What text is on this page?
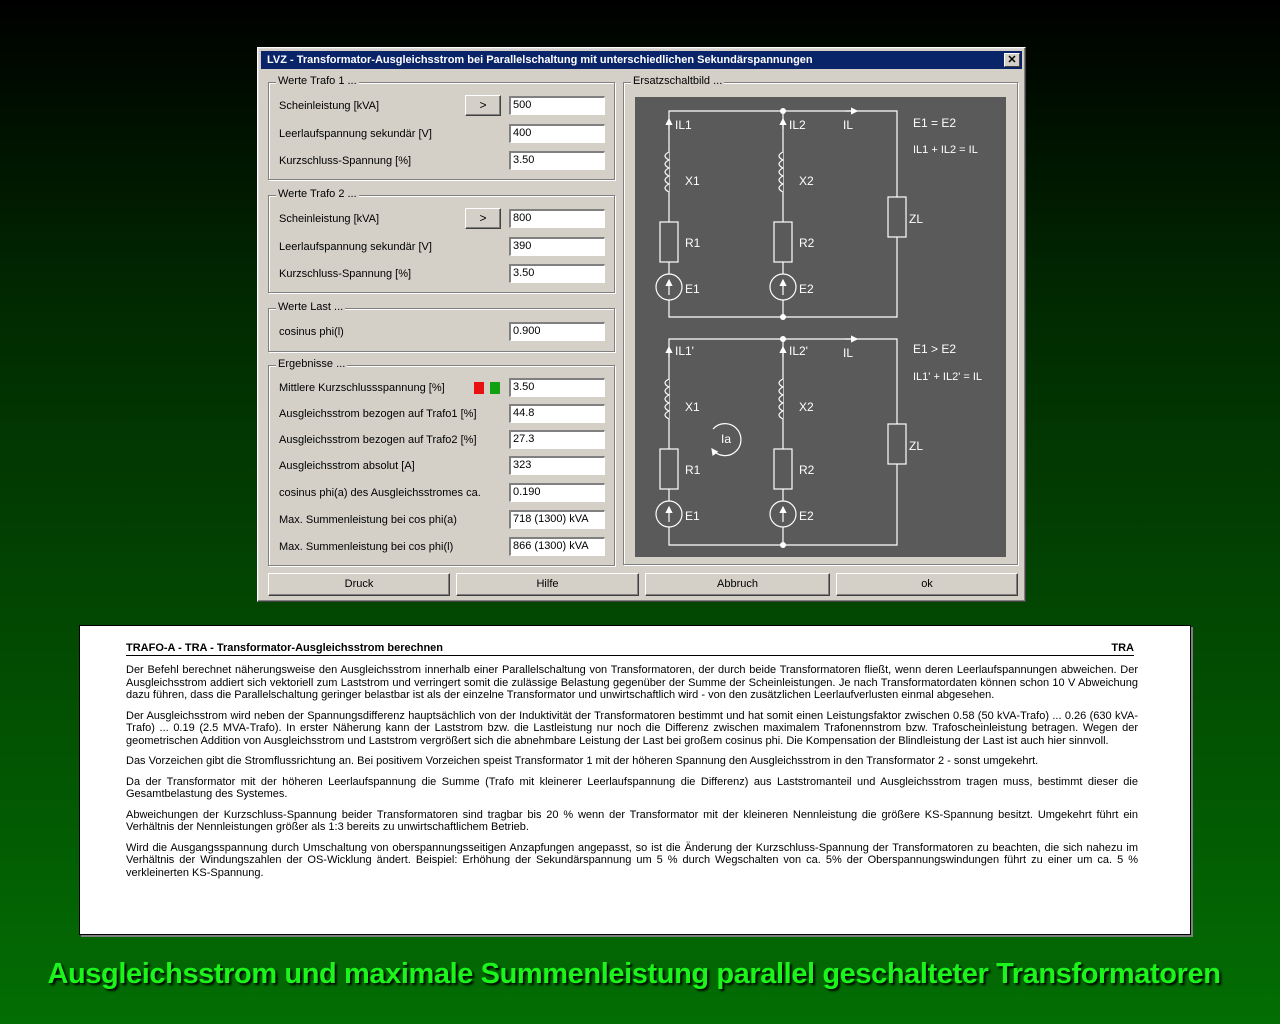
LVZ - Transformator-Ausgleichsstrom bei Parallelschaltung mit unterschiedlichen Sekundärspannungen	✕
Werte Trafo 1 ...
Scheinleistung [kVA]	>	500
Leerlaufspannung sekundär [V]	400
Kurzschluss-Spannung [%]	3.50
Werte Trafo 2 ...
Scheinleistung [kVA]	>	800
Leerlaufspannung sekundär [V]	390
Kurzschluss-Spannung [%]	3.50
Werte Last ...
cosinus phi(l)	0.900
Ergebnisse ...
Mittlere Kurzschlussspannung [%]	3.50
Ausgleichsstrom bezogen auf Trafo1 [%]	44.8
Ausgleichsstrom bezogen auf Trafo2 [%]	27.3
Ausgleichsstrom absolut [A]	323
cosinus phi(a) des Ausgleichsstromes ca.	0.190
Max. Summenleistung bei cos phi(a)	718 (1300) kVA
Max. Summenleistung bei cos phi(l)	866 (1300) kVA
Ersatzschaltbild ...
IL1	IL2	IL	E1 = E2
IL1 + IL2 = IL
X1	X2
R1	R2
E1	E2
ZL
IL1'	IL2'	IL	E1 > E2
IL1' + IL2' = IL
X1	X2
Ia
R1	R2
E1	E2
ZL
Druck	Hilfe	Abbruch	ok
TRAFO-A - TRA - Transformator-Ausgleichsstrom berechnen	TRA

Der Befehl berechnet näherungsweise den Ausgleichsstrom innerhalb einer Parallelschaltung von Transformatoren, der durch beide Transformatoren fließt, wenn deren Leerlaufspannungen abweichen. Der Ausgleichsstrom addiert sich vektoriell zum Laststrom und verringert somit die zulässige Belastung gegenüber der Summe der Scheinleistungen. Je nach Transformatordaten können schon 10 V Abweichung dazu führen, dass die Parallelschaltung geringer belastbar ist als der einzelne Transformator und unwirtschaftlich wird - von den zusätzlichen Leerlaufverlusten einmal abgesehen.

Der Ausgleichsstrom wird neben der Spannungsdifferenz hauptsächlich von der Induktivität der Transformatoren bestimmt und hat somit einen Leistungsfaktor zwischen 0.58 (50 kVA-Trafo) ... 0.26 (630 kVA-Trafo) ... 0.19 (2.5 MVA-Trafo). In erster Näherung kann der Laststrom bzw. die Lastleistung nur noch die Differenz zwischen maximalem Trafonennstrom bzw. Trafoscheinleistung betragen. Wegen der geometrischen Addition von Ausgleichsstrom und Laststrom vergrößert sich die abnehmbare Leistung der Last bei großem cosinus phi. Die Kompensation der Blindleistung der Last ist auch hier sinnvoll.

Das Vorzeichen gibt die Stromflussrichtung an. Bei positivem Vorzeichen speist Transformator 1 mit der höheren Spannung den Ausgleichsstrom in den Transformator 2 - sonst umgekehrt.

Da der Transformator mit der höheren Leerlaufspannung die Summe (Trafo mit kleinerer Leerlaufspannung die Differenz) aus Laststromanteil und Ausgleichsstrom tragen muss, bestimmt dieser die Gesamtbelastung des Systemes.

Abweichungen der Kurzschluss-Spannung beider Transformatoren sind tragbar bis 20 % wenn der Transformator mit der kleineren Nennleistung die größere KS-Spannung besitzt. Umgekehrt führt ein Verhältnis der Nennleistungen größer als 1:3 bereits zu unwirtschaftlichem Betrieb.

Wird die Ausgangsspannung durch Umschaltung von oberspannungsseitigen Anzapfungen angepasst, so ist die Änderung der Kurzschluss-Spannung der Transformatoren zu beachten, die sich nahezu im Verhältnis der Windungszahlen der OS-Wicklung ändert. Beispiel: Erhöhung der Sekundärspannung um 5 % durch Wegschalten von ca. 5% der Oberspannungswindungen führt zu einer um ca. 5 % verkleinerten KS-Spannung.

Ausgleichsstrom und maximale Summenleistung parallel geschalteter Transformatoren
